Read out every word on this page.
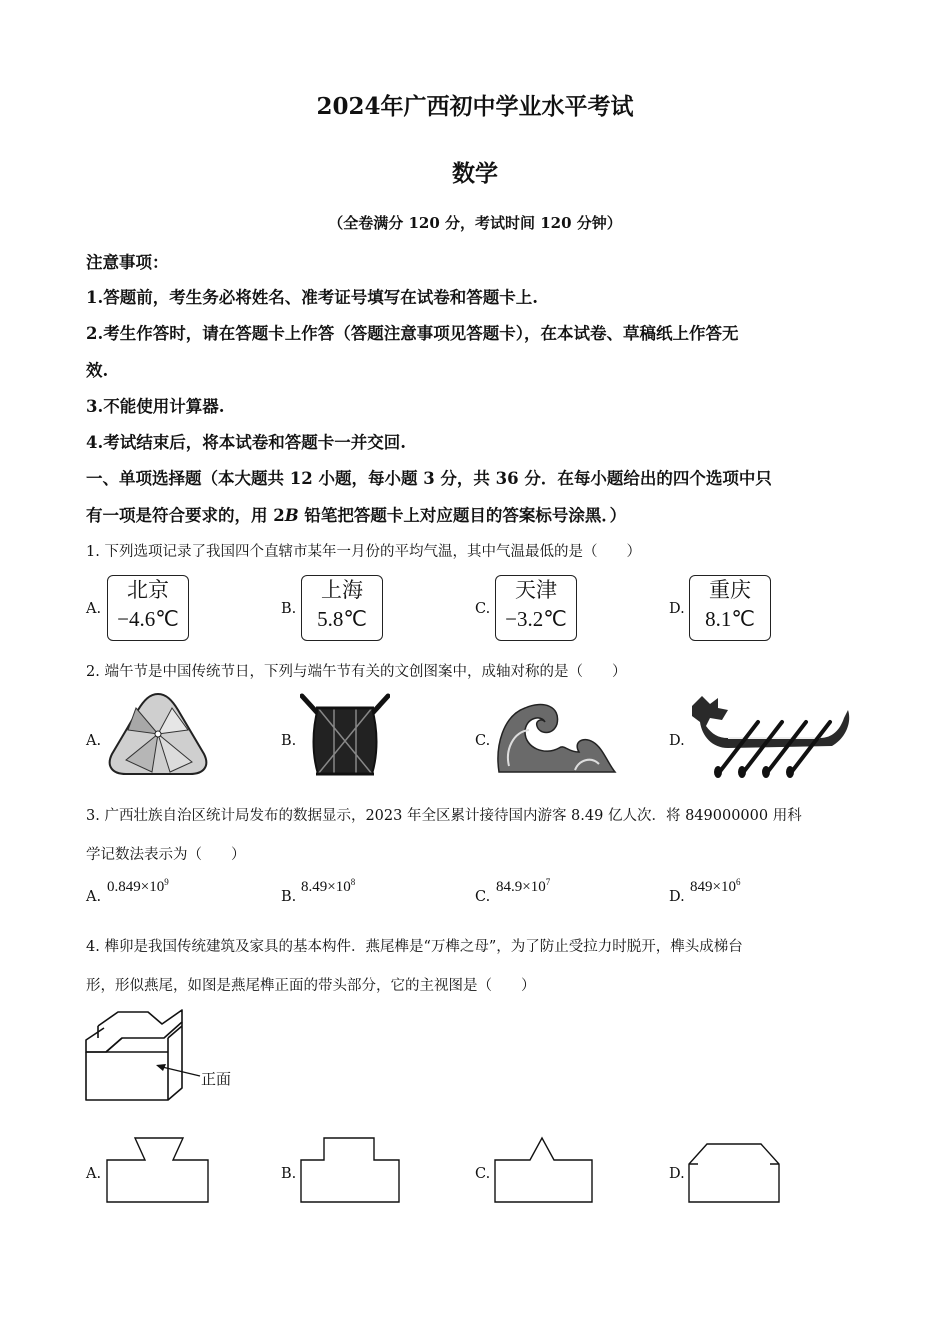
2024年广西初中学业水平考试
数学
（全卷满分 120 分，考试时间 120 分钟）
注意事项：
1.答题前，考生务必将姓名、准考证号填写在试卷和答题卡上.
2.考生作答时，请在答题卡上作答（答题注意事项见答题卡），在本试卷、草稿纸上作答无
效.
3.不能使用计算器.
4.考试结束后，将本试卷和答题卡一并交回.
一、单项选择题（本大题共 12 小题，每小题 3 分，共 36 分．在每小题给出的四个选项中只
有一项是符合要求的，用 2B 铅笔把答题卡上对应题目的答案标号涂黑．）
1. 下列选项记录了我国四个直辖市某年一月份的平均气温，其中气温最低的是（　　）
A.
北京
−4.6℃	B.
上海
5.8℃	C.
天津
−3.2℃	D.
重庆
8.1℃
2. 端午节是中国传统节日，下列与端午节有关的文创图案中，成轴对称的是（　　）
A.	B.	C.	D.
3. 广西壮族自治区统计局发布的数据显示，2023 年全区累计接待国内游客 8.49 亿人次．将 849000000 用科
学记数法表示为（　　）
A.
$0.849\times 10^9$
B.
$8.49\times 10^8$
C.
$84.9\times 10^7$
D.
$849\times 10^6$
4. 榫卯是我国传统建筑及家具的基本构件．燕尾榫是“万榫之母”，为了防止受拉力时脱开，榫头成梯台
形，形似燕尾，如图是燕尾榫正面的带头部分，它的主视图是（　　）
正面
A.	B.	C.	D.
